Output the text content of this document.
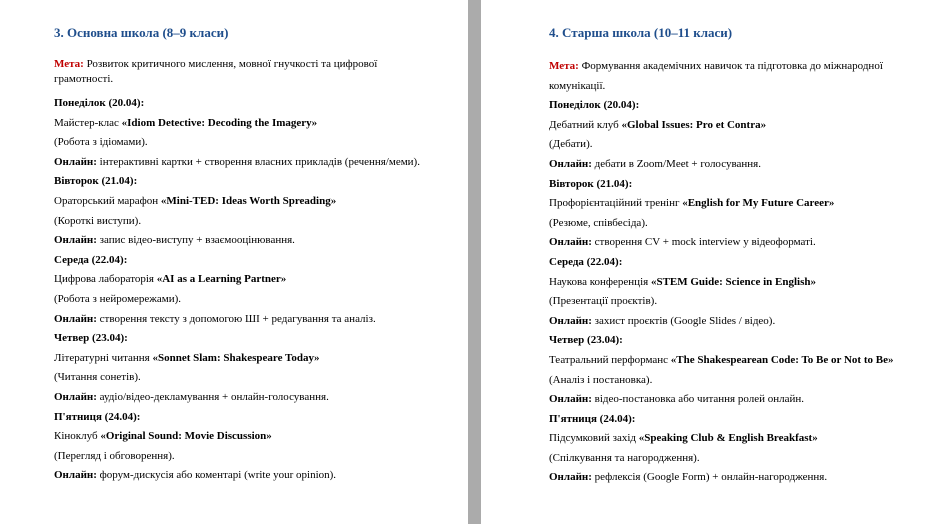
3. Основна школа (8–9 класи)

Мета: Розвиток критичного мислення, мовної гнучкості та цифрової грамотності.

Понеділок (20.04):

Майстер-клас «Idiom Detective: Decoding the Imagery»

(Робота з ідіомами).

Онлайн: інтерактивні картки + створення власних прикладів (речення/меми).

Вівторок (21.04):

Ораторський марафон «Mini-TED: Ideas Worth Spreading»

(Короткі виступи).

Онлайн: запис відео-виступу + взаємооцінювання.

Середа (22.04):

Цифрова лабораторія «AI as a Learning Partner»

(Робота з нейромережами).

Онлайн: створення тексту з допомогою ШІ + редагування та аналіз.

Четвер (23.04):

Літературні читання «Sonnet Slam: Shakespeare Today»

(Читання сонетів).

Онлайн: аудіо/відео-декламування + онлайн-голосування.

П'ятниця (24.04):

Кіноклуб «Original Sound: Movie Discussion»

(Перегляд і обговорення).

Онлайн: форум-дискусія або коментарі (write your opinion).

4. Старша школа (10–11 класи)

Мета: Формування академічних навичок та підготовка до міжнародної комунікації.

Понеділок (20.04):

Дебатний клуб «Global Issues: Pro et Contra»

(Дебати).

Онлайн: дебати в Zoom/Meet + голосування.

Вівторок (21.04):

Профорієнтаційний тренінг «English for My Future Career»

(Резюме, співбесіда).

Онлайн: створення CV + mock interview у відеоформаті.

Середа (22.04):

Наукова конференція «STEM Guide: Science in English»

(Презентації проєктів).

Онлайн: захист проєктів (Google Slides / відео).

Четвер (23.04):

Театральний перформанс «The Shakespearean Code: To Be or Not to Be»

(Аналіз і постановка).

Онлайн: відео-постановка або читання ролей онлайн.

П'ятниця (24.04):

Підсумковий захід «Speaking Club & English Breakfast»

(Спілкування та нагородження).

Онлайн: рефлексія (Google Form) + онлайн-нагородження.
